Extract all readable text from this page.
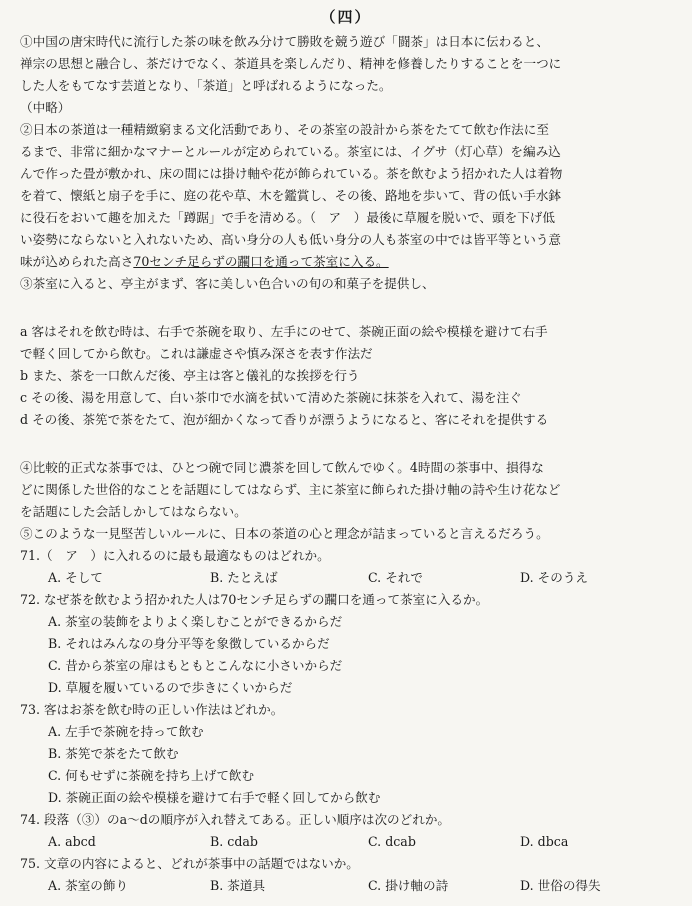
（四）
①中国の唐宋時代に流行した茶の味を飲み分けて勝敗を競う遊び「闘茶」は日本に伝わると、
禅宗の思想と融合し、茶だけでなく、茶道具を楽しんだり、精神を修養したりすることを一つに
した人をもてなす芸道となり、「茶道」と呼ばれるようになった。
（中略）
②日本の茶道は一種精緻窮まる文化活動であり、その茶室の設計から茶をたてて飲む作法に至
るまで、非常に細かなマナーとルールが定められている。茶室には、イグサ（灯心草）を編み込
んで作った畳が敷かれ、床の間には掛け軸や花が飾られている。茶を飲むよう招かれた人は着物
を着て、懐紙と扇子を手に、庭の花や草、木を鑑賞し、その後、路地を歩いて、背の低い手水鉢
に役石をおいて趣を加えた「蹲踞」で手を清める。（　ア　）最後に草履を脱いで、頭を下げ低
い姿勢にならないと入れないため、高い身分の人も低い身分の人も茶室の中では皆平等という意
味が込められた高さ70センチ足らずの躙口を通って茶室に入る。
③茶室に入ると、亭主がまず、客に美しい色合いの旬の和菓子を提供し、
a 客はそれを飲む時は、右手で茶碗を取り、左手にのせて、茶碗正面の絵や模様を避けて右手
で軽く回してから飲む。これは謙虚さや慎み深さを表す作法だ
b また、茶を一口飲んだ後、亭主は客と儀礼的な挨拶を行う
c その後、湯を用意して、白い茶巾で水滴を拭いて清めた茶碗に抹茶を入れて、湯を注ぐ
d その後、茶筅で茶をたて、泡が細かくなって香りが漂うようになると、客にそれを提供する
④比較的正式な茶事では、ひとつ碗で同じ濃茶を回して飲んでゆく。4時間の茶事中、損得な
どに関係した世俗的なことを話題にしてはならず、主に茶室に飾られた掛け軸の詩や生け花など
を話題にした会話しかしてはならない。
⑤このような一見堅苦しいルールに、日本の茶道の心と理念が詰まっていると言えるだろう。
71.（　ア　）に入れるのに最も最適なものはどれか。
A. そして	B. たとえば	C. それで	D. そのうえ
72. なぜ茶を飲むよう招かれた人は70センチ足らずの躙口を通って茶室に入るか。
A. 茶室の装飾をよりよく楽しむことができるからだ
B. それはみんなの身分平等を象徴しているからだ
C. 昔から茶室の扉はもともとこんなに小さいからだ
D. 草履を履いているので歩きにくいからだ
73. 客はお茶を飲む時の正しい作法はどれか。
A. 左手で茶碗を持って飲む
B. 茶筅で茶をたて飲む
C. 何もせずに茶碗を持ち上げて飲む
D. 茶碗正面の絵や模様を避けて右手で軽く回してから飲む
74. 段落（③）のa～dの順序が入れ替えてある。正しい順序は次のどれか。
A. abcd	B. cdab	C. dcab	D. dbca
75. 文章の内容によると、どれが茶事中の話題ではないか。
A. 茶室の飾り	B. 茶道具	C. 掛け軸の詩	D. 世俗の得失
